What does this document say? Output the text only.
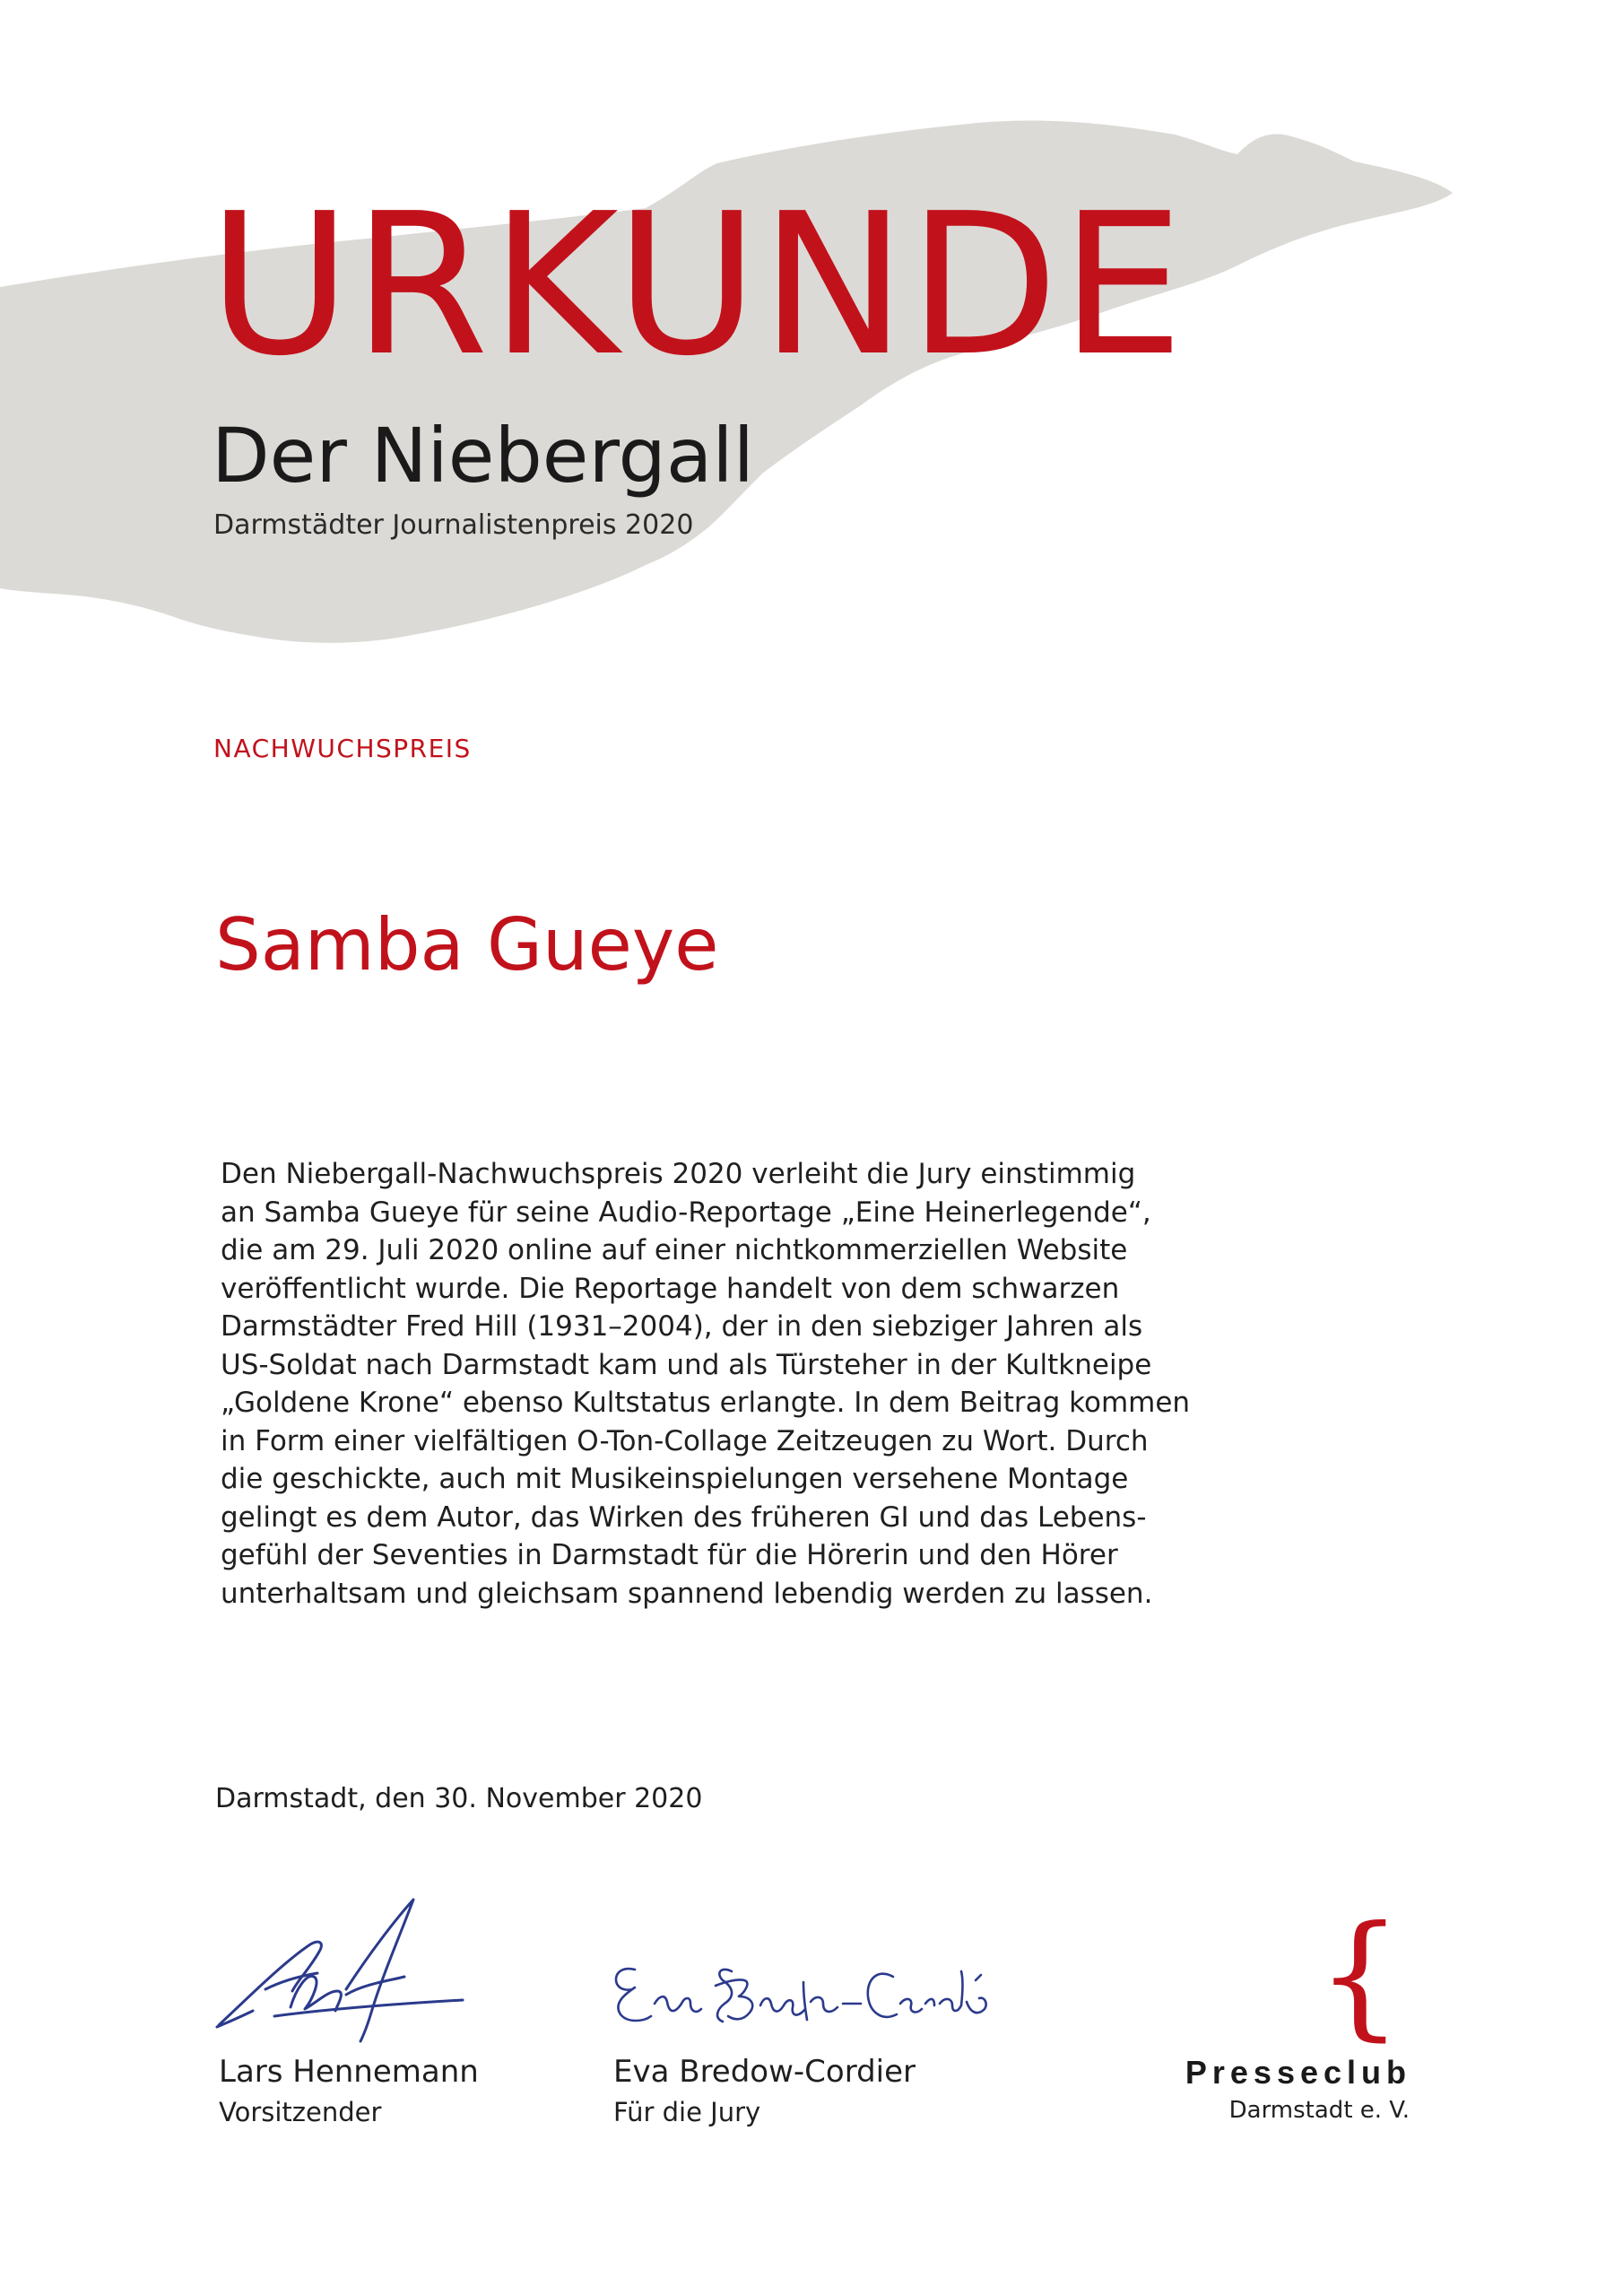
URKUNDE
Der Niebergall

Darmstädter Journalistenpreis 2020

NACHWUCHSPREIS

Samba Gueye

Den Niebergall-Nachwuchspreis 2020 verleiht die Jury einstimmig
an Samba Gueye für seine Audio-Reportage „Eine Heinerlegende“,
die am 29. Juli 2020 online auf einer nichtkommerziellen Website
veröffentlicht wurde. Die Reportage handelt von dem schwarzen
Darmstädter Fred Hill (1931–2004), der in den siebziger Jahren als
US-Soldat nach Darmstadt kam und als Türsteher in der Kultkneipe
„Goldene Krone“ ebenso Kultstatus erlangte. In dem Beitrag kommen
in Form einer vielfältigen O-Ton-Collage Zeitzeugen zu Wort. Durch
die geschickte, auch mit Musikeinspielungen versehene Montage
gelingt es dem Autor, das Wirken des früheren GI und das Lebens-
gefühl der Seventies in Darmstadt für die Hörerin und den Hörer
unterhaltsam und gleichsam spannend lebendig werden zu lassen.

Darmstadt, den 30. November 2020

Lars Hennemann

Vorsitzender

Eva Bredow-Cordier

Für die Jury

{
Presseclub
Darmstadt e. V.
